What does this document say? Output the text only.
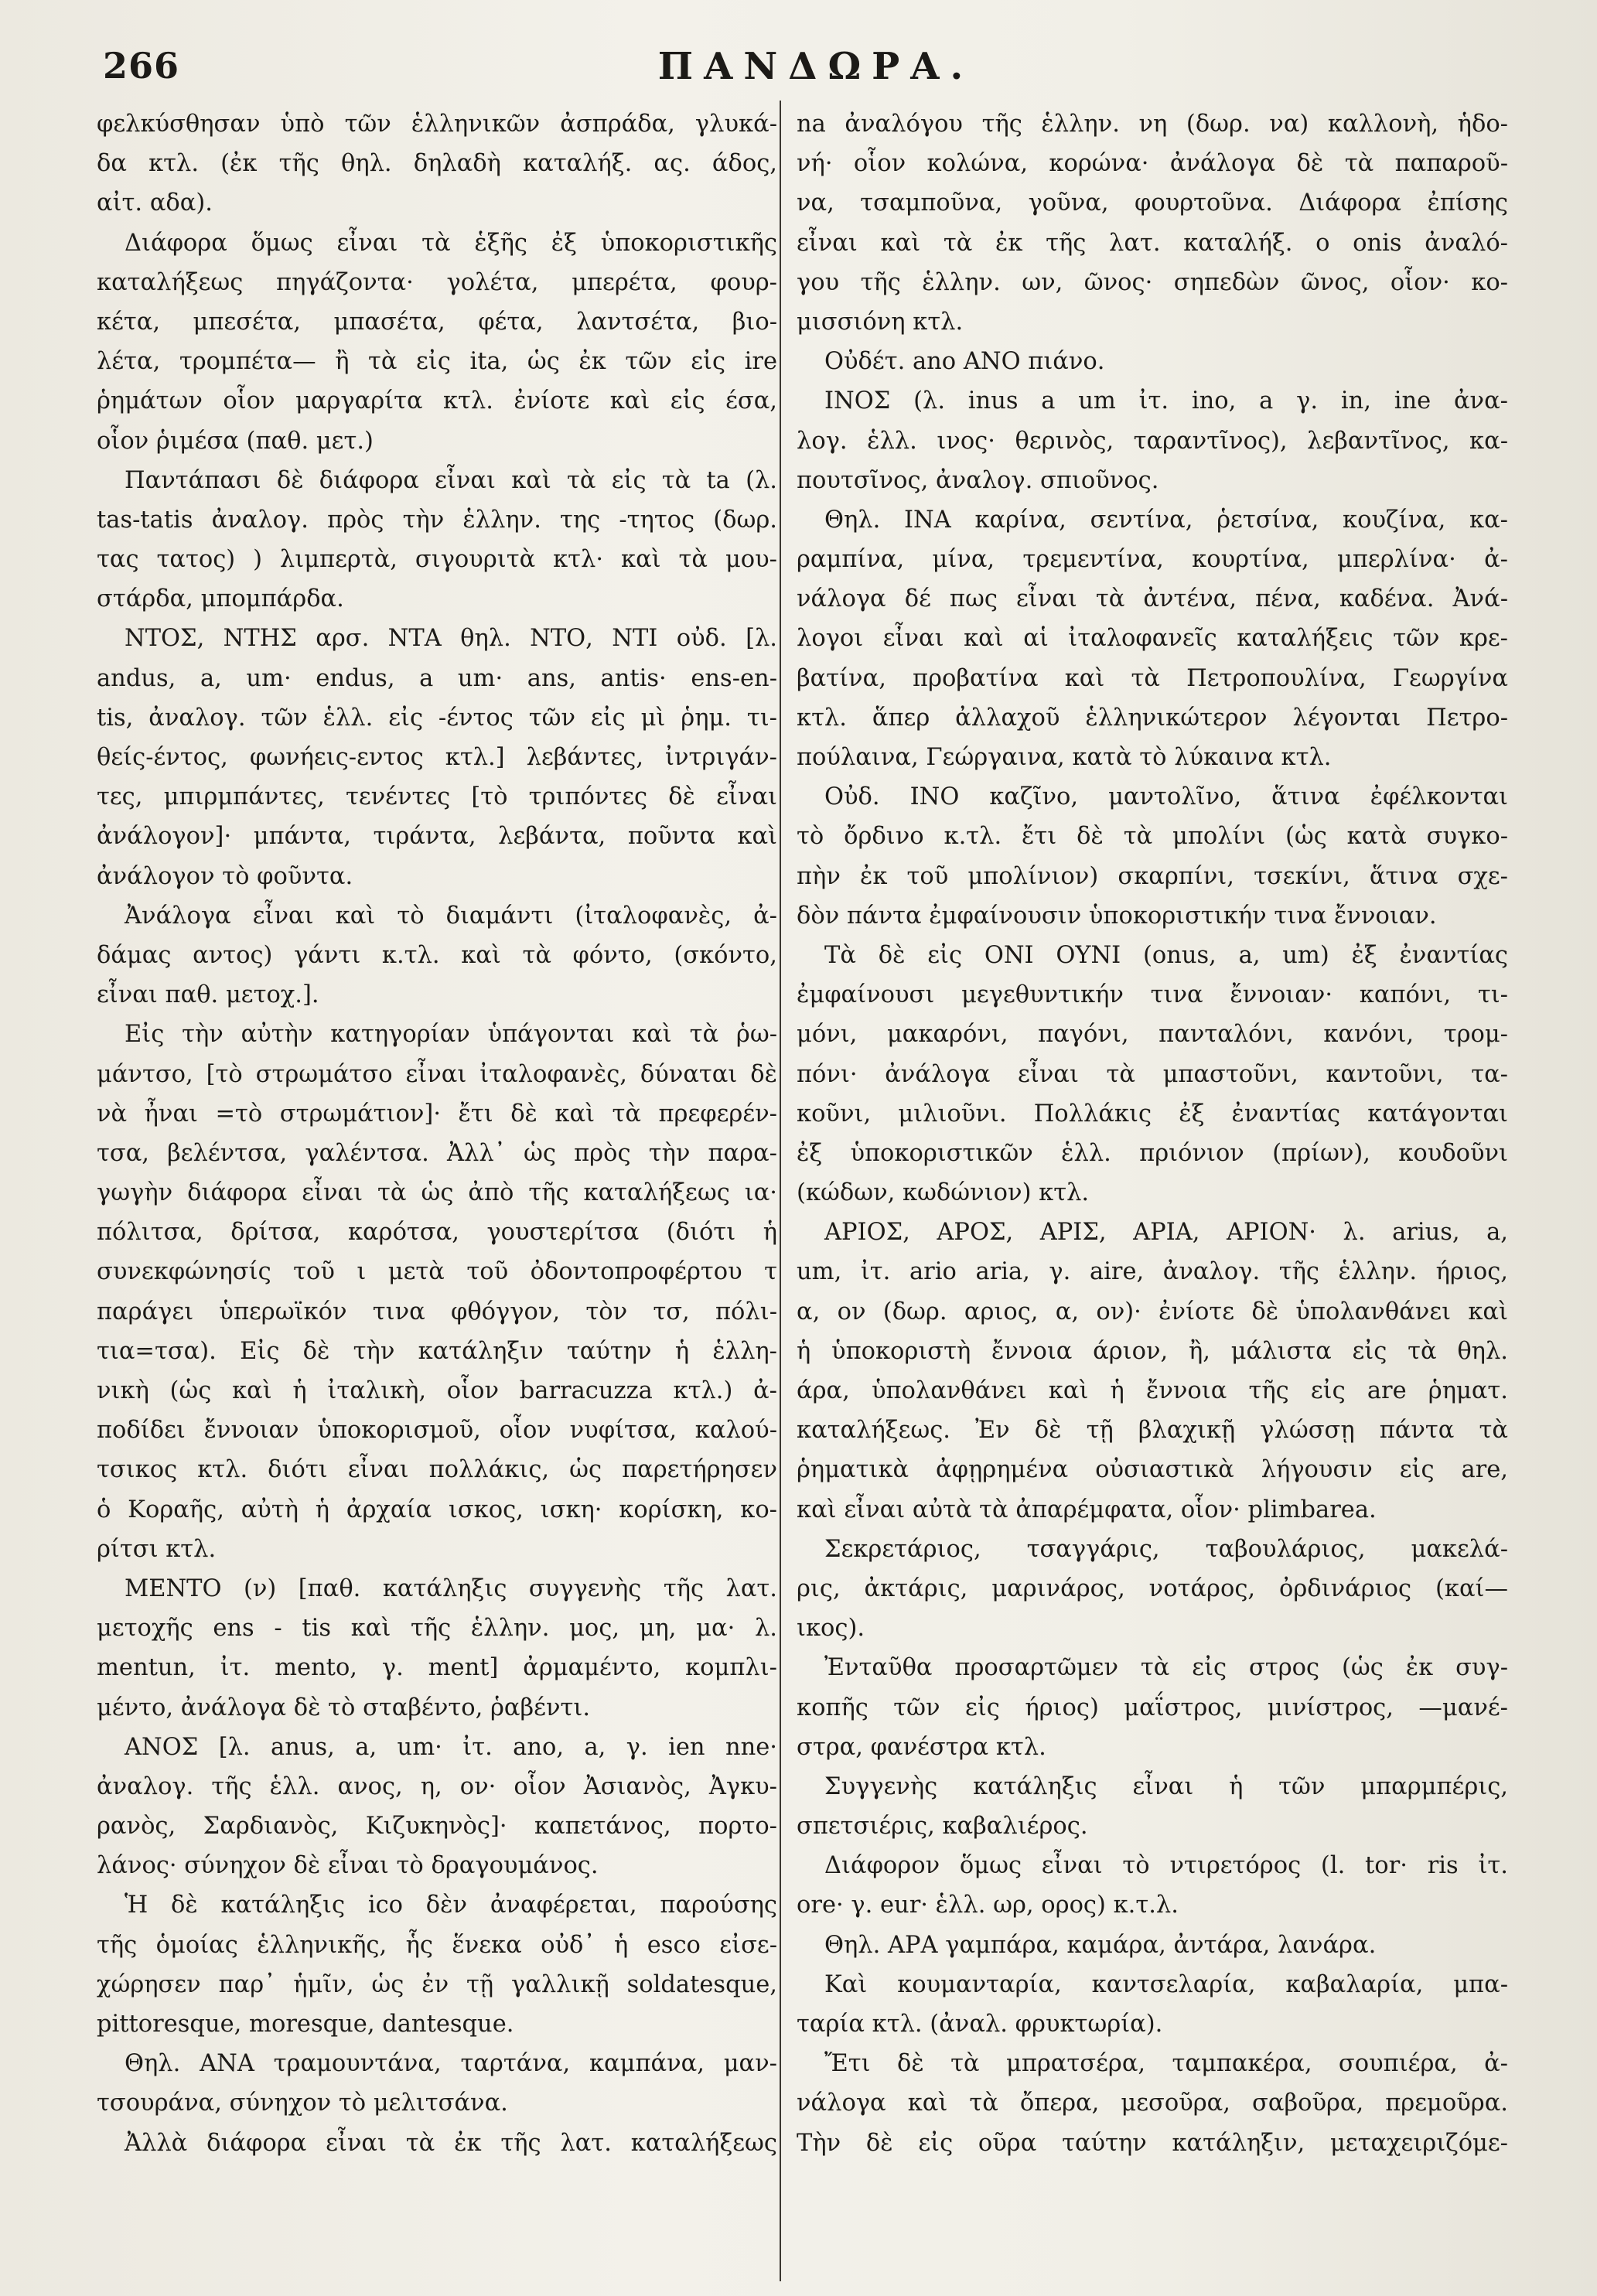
266	ΠΑΝΔΩΡΑ.
φελκύσθησαν ὑπὸ τῶν ἑλληνικῶν ἀσπράδα, γλυκά-
δα κτλ. (ἐκ τῆς θηλ. δηλαδὴ καταλήξ. ας. άδος,
αἰτ. αδα).
Διάφορα ὅμως εἶναι τὰ ἑξῆς ἐξ ὑποκοριστικῆς
καταλήξεως πηγάζοντα· γολέτα, μπερέτα, φουρ-
κέτα, μπεσέτα, μπασέτα, φέτα, λαντσέτα, βιο-
λέτα, τρομπέτα— ἢ τὰ εἰς ita, ὡς ἐκ τῶν εἰς ire
ῥημάτων οἷον μαργαρίτα κτλ. ἐνίοτε καὶ εἰς έσα,
οἷον ῥιμέσα (παθ. μετ.)
Παντάπασι δὲ διάφορα εἶναι καὶ τὰ εἰς τὰ ta (λ.
tas-tatis ἀναλογ. πρὸς τὴν ἑλλην. της -τητος (δωρ.
τας τατος) ) λιμπερτὰ, σιγουριτὰ κτλ· καὶ τὰ μου-
στάρδα, μπομπάρδα.
ΝΤΟΣ, ΝΤΗΣ αρσ. ΝΤΑ θηλ. ΝΤΟ, ΝΤΙ οὐδ. [λ.
andus, a, um· endus, a um· ans, antis· ens-en-
tis, ἀναλογ. τῶν ἑλλ. εἰς -έντος τῶν εἰς μὶ ῥημ. τι-
θείς-έντος, φωνήεις-εντος κτλ.] λεβάντες, ἰντριγάν-
τες, μπιρμπάντες, τενέντες [τὸ τριπόντες δὲ εἶναι
ἀνάλογον]· μπάντα, τιράντα, λεβάντα, ποῦντα καὶ
ἀνάλογον τὸ φοῦντα.
Ἀνάλογα εἶναι καὶ τὸ διαμάντι (ἰταλοφανὲς, ἀ-
δάμας αντος) γάντι κ.τλ. καὶ τὰ φόντο, (σκόντο,
εἶναι παθ. μετοχ.].
Εἰς τὴν αὐτὴν κατηγορίαν ὑπάγονται καὶ τὰ ῥω-
μάντσο, [τὸ στρωμάτσο εἶναι ἰταλοφανὲς, δύναται δὲ
νὰ ἦναι =τὸ στρωμάτιον]· ἔτι δὲ καὶ τὰ πρεφερέν-
τσα, βελέντσα, γαλέντσα. Ἀλλ᾽ ὡς πρὸς τὴν παρα-
γωγὴν διάφορα εἶναι τὰ ὡς ἀπὸ τῆς καταλήξεως ια·
πόλιτσα, δρίτσα, καρότσα, γουστερίτσα (διότι ἡ
συνεκφώνησίς τοῦ ι μετὰ τοῦ ὀδοντοπροφέρτου τ
παράγει ὑπερωϊκόν τινα φθόγγον, τὸν τσ, πόλι-
τια=τσα). Εἰς δὲ τὴν κατάληξιν ταύτην ἡ ἑλλη-
νικὴ (ὡς καὶ ἡ ἰταλικὴ, οἷον barracuzza κτλ.) ἀ-
ποδίδει ἔννοιαν ὑποκορισμοῦ, οἷον νυφίτσα, καλού-
τσικος κτλ. διότι εἶναι πολλάκις, ὡς παρετήρησεν
ὁ Κοραῆς, αὐτὴ ἡ ἀρχαία ισκος, ισκη· κορίσκη, κο-
ρίτσι κτλ.
ΜΕΝΤΟ (ν) [παθ. κατάληξις συγγενὴς τῆς λατ.
μετοχῆς ens - tis καὶ τῆς ἑλλην. μος, μη, μα· λ.
mentun, ἰτ. mento, γ. ment] ἀρμαμέντο, κομπλι-
μέντο, ἀνάλογα δὲ τὸ σταβέντο, ῥαβέντι.
ΑΝΟΣ [λ. anus, a, um· ἰτ. ano, a, γ. ien nne·
ἀναλογ. τῆς ἑλλ. ανος, η, ον· οἷον Ἀσιανὸς, Ἀγκυ-
ρανὸς, Σαρδιανὸς, Κιζυκηνὸς]· καπετάνος, πορτο-
λάνος· σύνηχον δὲ εἶναι τὸ δραγουμάνος.
Ἡ δὲ κατάληξις ico δὲν ἀναφέρεται, παρούσης
τῆς ὁμοίας ἑλληνικῆς, ἧς ἕνεκα οὐδ᾽ ἡ esco εἰσε-
χώρησεν παρ᾽ ἡμῖν, ὡς ἐν τῇ γαλλικῇ soldatesque,
pittoresque, moresque, dantesque.
Θηλ. ΑΝΑ τραμουντάνα, ταρτάνα, καμπάνα, μαν-
τσουράνα, σύνηχον τὸ μελιτσάνα.
Ἀλλὰ διάφορα εἶναι τὰ ἐκ τῆς λατ. καταλήξεως
na ἀναλόγου τῆς ἑλλην. νη (δωρ. να) καλλονὴ, ἡδο-
νή· οἷον κολώνα, κορώνα· ἀνάλογα δὲ τὰ παπαροῦ-
να, τσαμποῦνα, γοῦνα, φουρτοῦνα. Διάφορα ἐπίσης
εἶναι καὶ τὰ ἐκ τῆς λατ. καταλήξ. o onis ἀναλό-
γου τῆς ἑλλην. ων, ῶνος· σηπεδὼν ῶνος, οἷον· κο-
μισσιόνη κτλ.
Οὐδέτ. ano ΑΝΟ πιάνο.
ΙΝΟΣ (λ. inus a um ἰτ. ino, a γ. in, ine ἀνα-
λογ. ἑλλ. ινος· θερινὸς, ταραντῖνος), λεβαντῖνος, κα-
πουτσῖνος, ἀναλογ. σπιοῦνος.
Θηλ. ΙΝΑ καρίνα, σεντίνα, ῥετσίνα, κουζίνα, κα-
ραμπίνα, μίνα, τρεμεντίνα, κουρτίνα, μπερλίνα· ἀ-
νάλογα δέ πως εἶναι τὰ ἀντένα, πένα, καδένα. Ἀνά-
λογοι εἶναι καὶ αἱ ἰταλοφανεῖς καταλήξεις τῶν κρε-
βατίνα, προβατίνα καὶ τὰ Πετροπουλίνα, Γεωργίνα
κτλ. ἅπερ ἀλλαχοῦ ἑλληνικώτερον λέγονται Πετρο-
πούλαινα, Γεώργαινα, κατὰ τὸ λύκαινα κτλ.
Οὐδ. ΙΝΟ καζῖνο, μαντολῖνο, ἅτινα ἐφέλκονται
τὸ ὄρδινο κ.τλ. ἔτι δὲ τὰ μπολίνι (ὡς κατὰ συγκο-
πὴν ἐκ τοῦ μπολίνιον) σκαρπίνι, τσεκίνι, ἅτινα σχε-
δὸν πάντα ἐμφαίνουσιν ὑποκοριστικήν τινα ἔννοιαν.
Τὰ δὲ εἰς ΟΝΙ ΟΥΝΙ (onus, a, um) ἐξ ἐναντίας
ἐμφαίνουσι μεγεθυντικήν τινα ἔννοιαν· καπόνι, τι-
μόνι, μακαρόνι, παγόνι, πανταλόνι, κανόνι, τρομ-
πόνι· ἀνάλογα εἶναι τὰ μπαστοῦνι, καντοῦνι, τα-
κοῦνι, μιλιοῦνι. Πολλάκις ἐξ ἐναντίας κατάγονται
ἐξ ὑποκοριστικῶν ἑλλ. πριόνιον (πρίων), κουδοῦνι
(κώδων, κωδώνιον) κτλ.
ΑΡΙΟΣ, ΑΡΟΣ, ΑΡΙΣ, ΑΡΙΑ, ΑΡΙΟΝ· λ. arius, a,
um, ἰτ. ario aria, γ. aire, ἀναλογ. τῆς ἑλλην. ήριος,
α, ον (δωρ. αριος, α, ον)· ἐνίοτε δὲ ὑπολανθάνει καὶ
ἡ ὑποκοριστὴ ἔννοια άριον, ἢ, μάλιστα εἰς τὰ θηλ.
άρα, ὑπολανθάνει καὶ ἡ ἔννοια τῆς εἰς are ῥηματ.
καταλήξεως. Ἐν δὲ τῇ βλαχικῇ γλώσσῃ πάντα τὰ
ῥηματικὰ ἀφῃρημένα οὐσιαστικὰ λήγουσιν εἰς are,
καὶ εἶναι αὐτὰ τὰ ἀπαρέμφατα, οἷον· plimbarea.
Σεκρετάριος, τσαγγάρις, ταβουλάριος, μακελά-
ρις, ἀκτάρις, μαρινάρος, νοτάρος, ὀρδινάριος (καί—
ικος).
Ἐνταῦθα προσαρτῶμεν τὰ εἰς στρος (ὡς ἐκ συγ-
κοπῆς τῶν εἰς ήριος) μαΐστρος, μινίστρος, —μανέ-
στρα, φανέστρα κτλ.
Συγγενὴς κατάληξις εἶναι ἡ τῶν μπαρμπέρις,
σπετσιέρις, καβαλιέρος.
Διάφορον ὅμως εἶναι τὸ ντιρετόρος (l. tor· ris ἰτ.
ore· γ. eur· ἑλλ. ωρ, ορος) κ.τ.λ.
Θηλ. ΑΡΑ γαμπάρα, καμάρα, ἀντάρα, λανάρα.
Καὶ κουμανταρία, καντσελαρία, καβαλαρία, μπα-
ταρία κτλ. (ἀναλ. φρυκτωρία).
Ἔτι δὲ τὰ μπρατσέρα, ταμπακέρα, σουπιέρα, ἀ-
νάλογα καὶ τὰ ὄπερα, μεσοῦρα, σαβοῦρα, πρεμοῦρα.
Τὴν δὲ εἰς οῦρα ταύτην κατάληξιν, μεταχειριζόμε-
